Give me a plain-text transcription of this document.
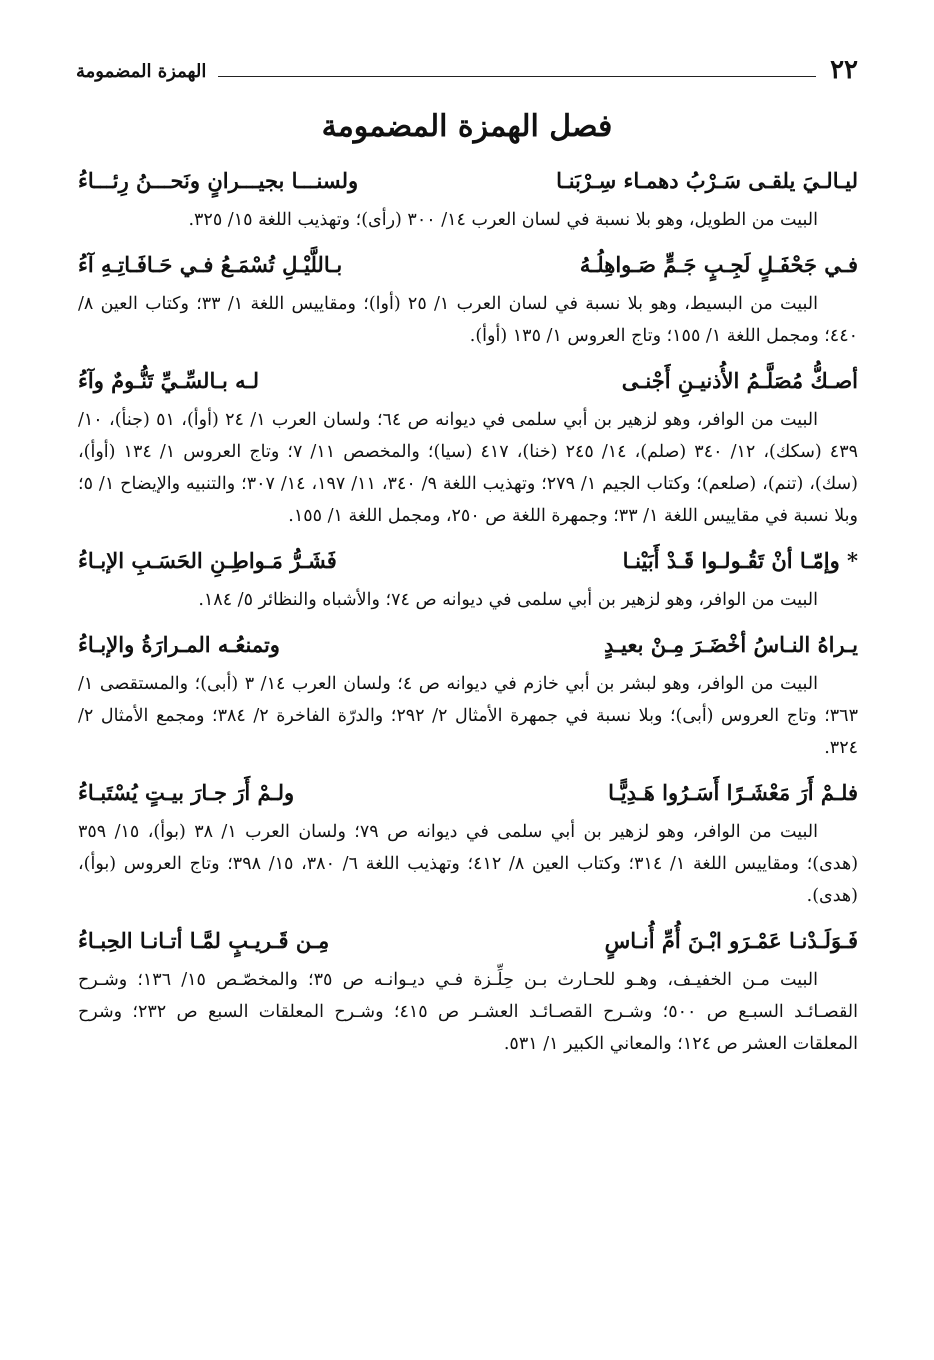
٢٢
الهمزة المضمومة
فصل الهمزة المضمومة
ليـالـيَ يلقـى سَـرْبُ دهمـاء سِـرْبَنـا
ولسنـــا بجيـــرانٍ ونَحـــنُ رِئـــاءُ

البيت من الطويل، وهو بلا نسبة في لسان العرب ١٤/ ٣٠٠ (رأى)؛ وتهذيب اللغة ١٥/ ٣٢٥.

فـي جَحْفَـلٍ لَجِـبٍ جَـمٍّ صَـواهِلُـهُ
بـاللَّيْـلِ تُسْمَـعُ فـي حَـافَـاتِـهِ آءُ

البيت من البسيط، وهو بلا نسبة في لسان العرب ١/ ٢٥ (أوا)؛ ومقاييس اللغة ١/ ٣٣؛ وكتاب العين ٨/ ٤٤٠؛ ومجمل اللغة ١/ ١٥٥؛ وتاج العروس ١/ ١٣٥ (أوأ).

أصـكُّ مُصَلَّـمُ الأُذنيـنِ أَجْنـى
لـه بـالسِّـيِّ تَنُّـومٌ وآءُ

البيت من الوافر، وهو لزهير بن أبي سلمى في ديوانه ص ٦٤؛ ولسان العرب ١/ ٢٤ (أوأ)، ٥١ (جنأ)، ١٠/ ٤٣٩ (سكك)، ١٢/ ٣٤٠ (صلم)، ١٤/ ٢٤٥ (خنا)، ٤١٧ (سيا)؛ والمخصص ١١/ ٧؛ وتاج العروس ١/ ١٣٤ (أوأ)، (سك)، (تنم)، (صلعم)؛ وكتاب الجيم ١/ ٢٧٩؛ وتهذيب اللغة ٩/ ٣٤٠، ١١/ ١٩٧، ١٤/ ٣٠٧؛ والتنبيه والإيضاح ١/ ٥؛ وبلا نسبة في مقاييس اللغة ١/ ٣٣؛ وجمهرة اللغة ص ٢٥٠، ومجمل اللغة ١/ ١٥٥.

* وإمّـا أنْ تَقُـولـوا قَـدْ أَبَيْنـا
فَشَـرُّ مَـواطِـنِ الحَسَـبِ الإبـاءُ

البيت من الوافر، وهو لزهير بن أبي سلمى في ديوانه ص ٧٤؛ والأشباه والنظائر ٥/ ١٨٤.

يـراهُ النـاسُ أخْضَـرَ مِـنْ بعيـدٍ
وتمنعُـه المـرارَةُ والإبـاءُ

البيت من الوافر، وهو لبشر بن أبي خازم في ديوانه ص ٤؛ ولسان العرب ١٤/ ٣ (أبى)؛ والمستقصى ١/ ٣٦٣؛ وتاج العروس (أبى)؛ وبلا نسبة في جمهرة الأمثال ٢/ ٢٩٢؛ والدرّة الفاخرة ٢/ ٣٨٤؛ ومجمع الأمثال ٢/ ٣٢٤.

فلـمْ أَرَ مَعْشَـرًا أَسَـرُوا هَـدِيًّـا
ولـمْ أَرَ جـارَ بيـتٍ يُسْتَبـاءُ

البيت من الوافر، وهو لزهير بن أبي سلمى في ديوانه ص ٧٩؛ ولسان العرب ١/ ٣٨ (بوأ)، ١٥/ ٣٥٩ (هدى)؛ ومقاييس اللغة ١/ ٣١٤؛ وكتاب العين ٨/ ٤١٢؛ وتهذيب اللغة ٦/ ٣٨٠، ١٥/ ٣٩٨؛ وتاج العروس (بوأ)، (هدى).

فَـوَلَـدْنـا عَمْـرَو ابْـنَ أُمِّ أُنـاسٍ
مِـن قَـريـبٍ لمَّـا أتـانـا الحِبـاءُ

البيت مـن الخفيـف، وهـو للحـارث بـن حِلِّـزة فـي ديـوانـه ص ٣٥؛ والمخصّـص ١٥/ ١٣٦؛ وشـرح القصـائـد السبـع ص ٥٠٠؛ وشـرح القصـائـد العشـر ص ٤١٥؛ وشـرح المعلقات السبع ص ٢٣٢؛ وشرح المعلقات العشر ص ١٢٤؛ والمعاني الكبير ١/ ٥٣١.
